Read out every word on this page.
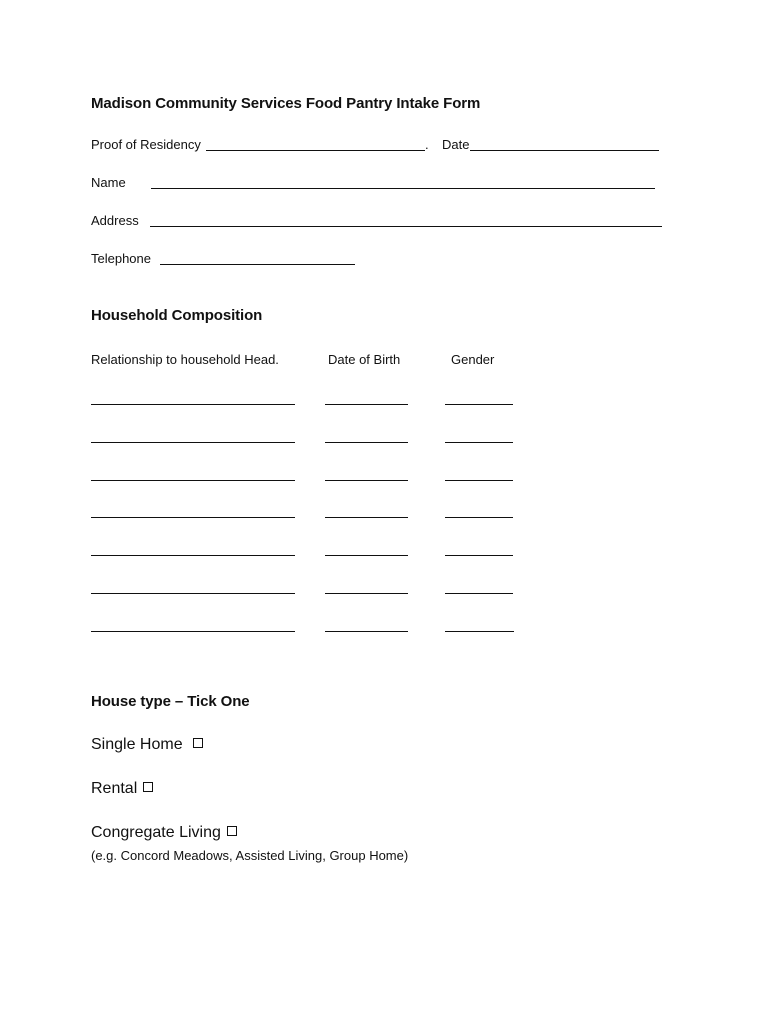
Madison Community Services Food Pantry Intake Form
Proof of Residency	. Date
Name
Address
Telephone
Household Composition
Relationship to household Head.	Date of Birth	Gender
House type – Tick One
Single Home
Rental
Congregate Living
(e.g. Concord Meadows, Assisted Living, Group Home)
